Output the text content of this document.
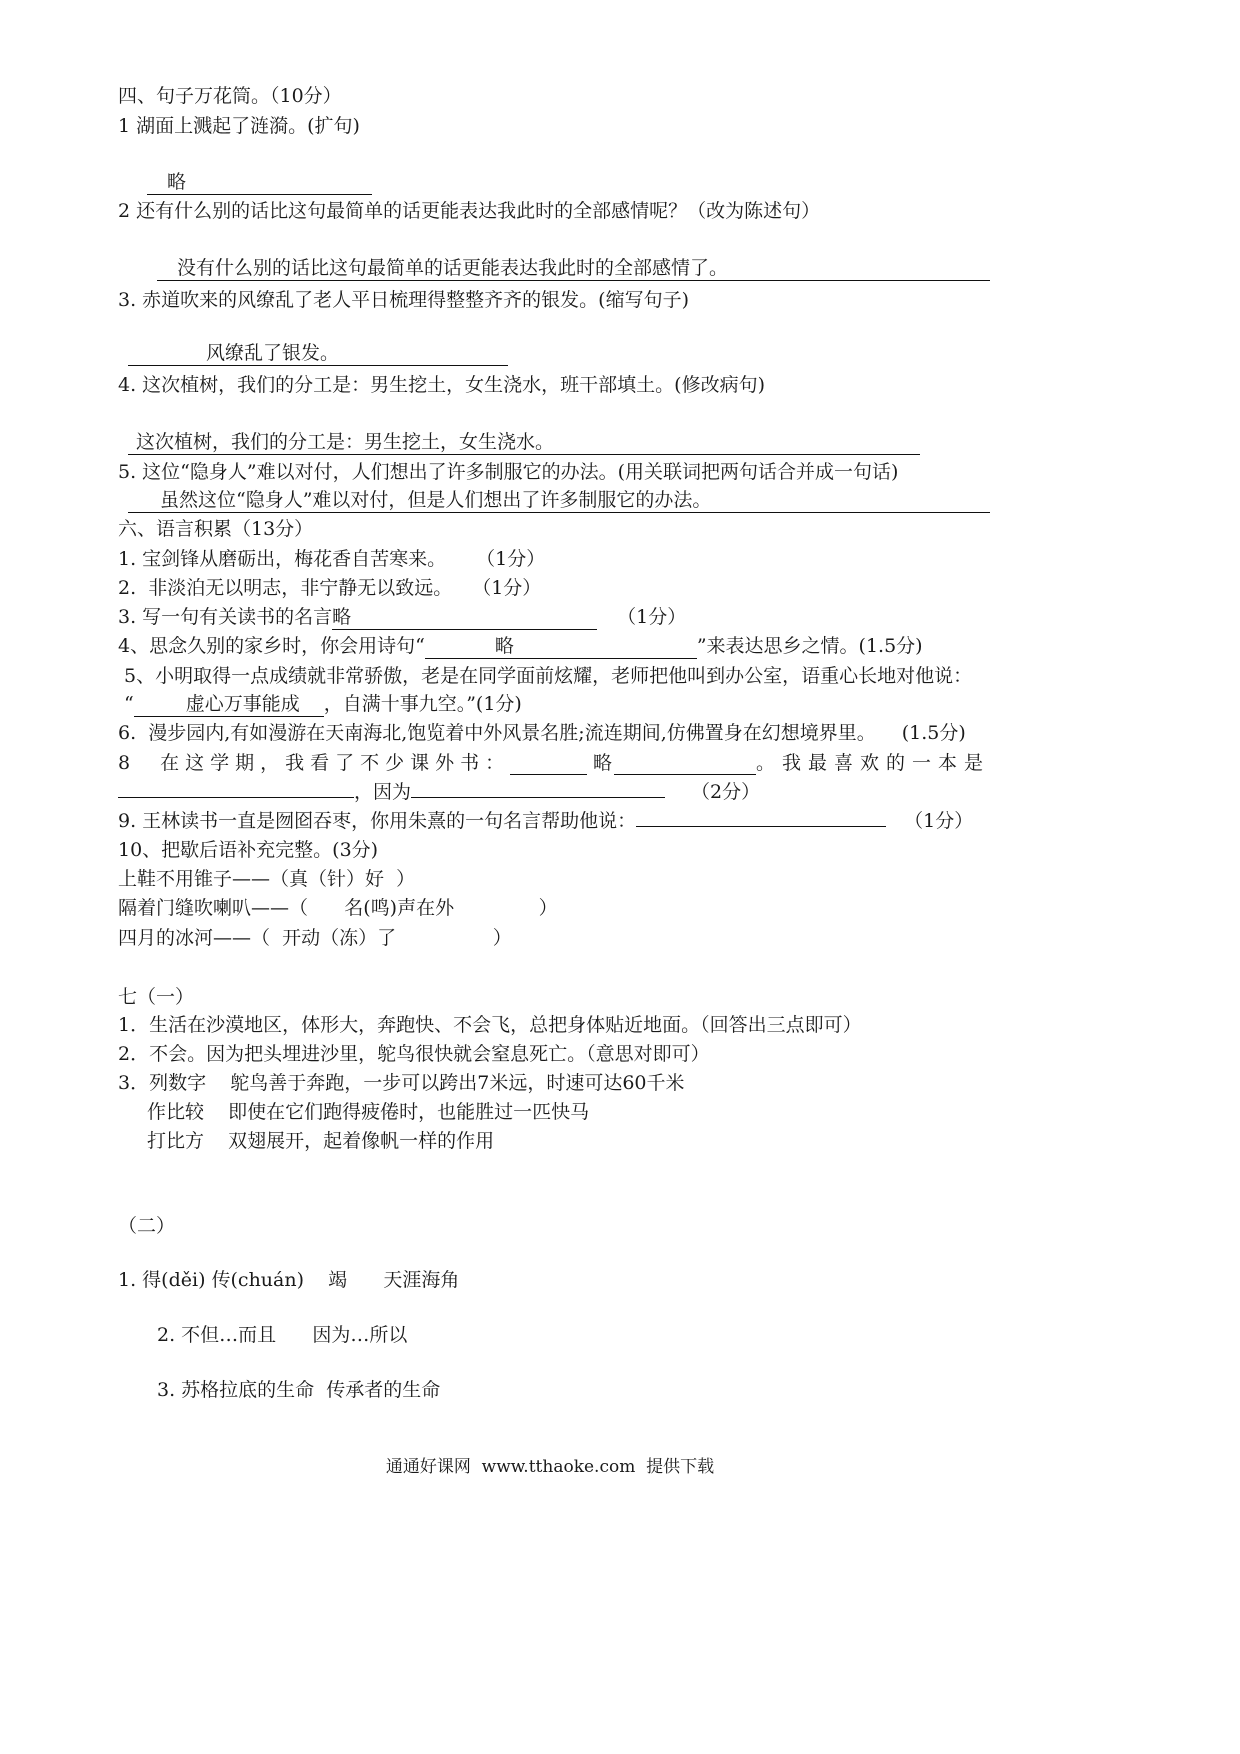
四、句子万花筒。（10分）
1 湖面上溅起了涟漪。(扩句)
略
2 还有什么别的话比这句最简单的话更能表达我此时的全部感情呢？（改为陈述句）
没有什么别的话比这句最简单的话更能表达我此时的全部感情了。
3. 赤道吹来的风缭乱了老人平日梳理得整整齐齐的银发。(缩写句子)
风缭乱了银发。
4. 这次植树，我们的分工是：男生挖土，女生浇水，班干部填土。(修改病句)
这次植树，我们的分工是：男生挖土，女生浇水。
5. 这位“隐身人”难以对付，人们想出了许多制服它的办法。(用关联词把两句话合并成一句话)
虽然这位“隐身人”难以对付，但是人们想出了许多制服它的办法。
六、语言积累（13分）
1. 宝剑锋从磨砺出，梅花香自苦寒来。 （1分）
2.  非淡泊无以明志，非宁静无以致远。 （1分）
3. 写一句有关读书的名言略	（1分）
4、思念久别的家乡时，你会用诗句“	略	”来表达思乡之情。(1.5分)
5、小明取得一点成绩就非常骄傲，老是在同学面前炫耀，老师把他叫到办公室，语重心长地对他说：
“	虚心万事能成 ，自满十事九空。”(1分)
6.  漫步园内,有如漫游在天南海北,饱览着中外风景名胜;流连期间,仿佛置身在幻想境界里。 (1.5分)
8  在这学期，我看了不少课外书：	略	。我最喜欢的一本是
，因为	（2分）
9. 王林读书一直是囫囵吞枣，你用朱熹的一句名言帮助他说：	（1分）
10、把歇后语补充完整。(3分)
上鞋不用锥子——（真（针）好  ）
隔着门缝吹喇叭——（      名(鸣)声在外              ）
四月的冰河——（  开动（冻）了                ）
七（一）
1．生活在沙漠地区，体形大，奔跑快、不会飞，总把身体贴近地面。（回答出三点即可）
2．不会。因为把头埋进沙里，鸵鸟很快就会窒息死亡。（意思对即可）
3．列数字    鸵鸟善于奔跑，一步可以跨出7米远，时速可达60千米
作比较    即使在它们跑得疲倦时，也能胜过一匹快马
打比方    双翅展开，起着像帆一样的作用
（二）
1. 得(děi) 传(chuán)    竭      天涯海角
2. 不但…而且      因为…所以
3. 苏格拉底的生命  传承者的生命
通通好课网  www.tthaoke.com  提供下载
